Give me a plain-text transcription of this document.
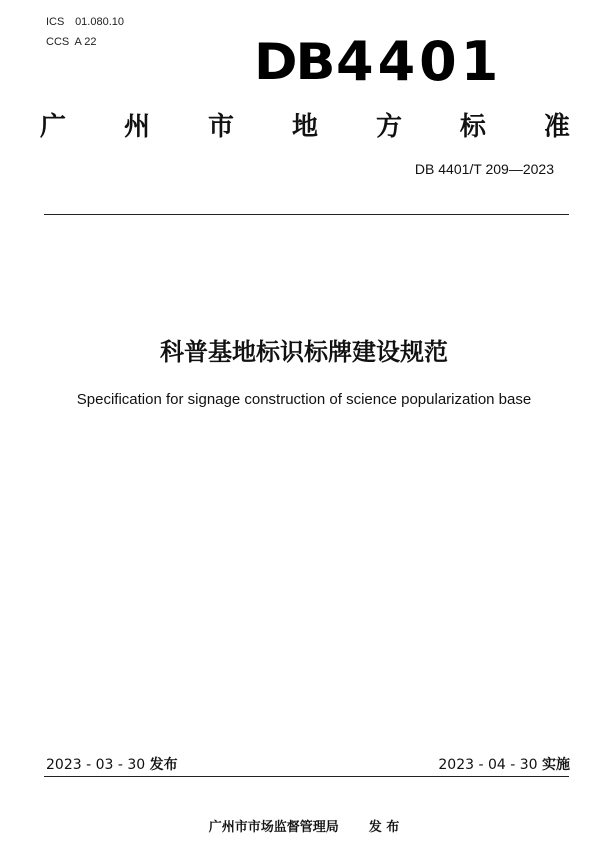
ICS 01.080.10
CCS A 22	DB4401
广 州 市 地 方 标 准
DB 4401/T 209—2023
科普基地标识标牌建设规范
Specification for signage construction of science popularization base
2023 - 03 - 30 发布	2023 - 04 - 30 实施
广州市市场监督管理局 发 布
